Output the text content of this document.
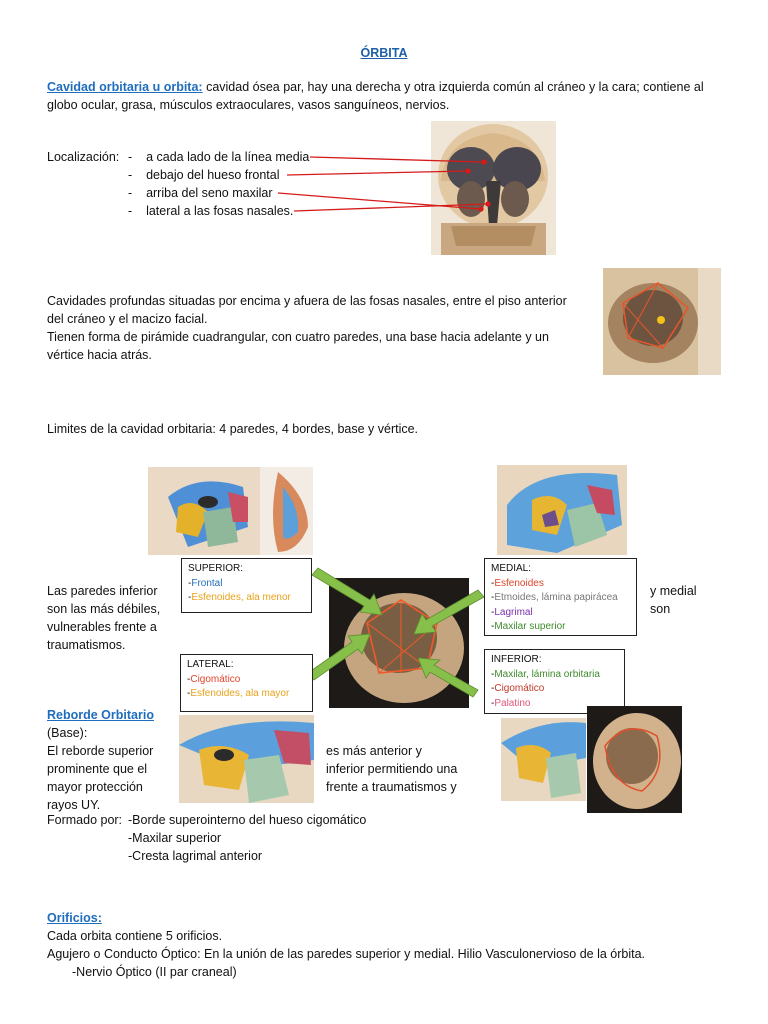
ÓRBITA
Cavidad orbitaria u orbita: cavidad ósea par, hay una derecha y otra izquierda común al cráneo y la cara; contiene al
globo ocular, grasa, músculos extraoculares, vasos sanguíneos, nervios.
Localización: -    a cada lado de la línea media
-    debajo del hueso frontal
-    arriba del seno maxilar
-    lateral a las fosas nasales.
Cavidades profundas situadas por encima y afuera de las fosas nasales, entre el piso anterior
del cráneo y el macizo facial.
Tienen forma de pirámide cuadrangular, con cuatro paredes, una base hacia adelante y un
vértice hacia atrás.
Limites de la cavidad orbitaria: 4 paredes, 4 bordes, base y vértice.
SUPERIOR:
-Frontal
-Esfenoides, ala menor
MEDIAL:
-Esfenoides
-Etmoides, lámina papirácea
-Lagrimal
-Maxilar superior
LATERAL:
-Cigomático
-Esfenoides, ala mayor
INFERIOR:
-Maxilar, lámina orbitaria
-Cigomático
-Palatino
Las paredes inferior
son las más débiles,
vulnerables frente a
traumatismos.
y medial
son
Reborde Orbitario
(Base):
El reborde superior
prominente que el
mayor protección
rayos UY.
es más anterior y
inferior permitiendo una
frente a traumatismos y
Formado por: -Borde superointerno del hueso cigomático
-Maxilar superior
-Cresta lagrimal anterior
Orificios:
Cada orbita contiene 5 orificios.
Agujero o Conducto Óptico: En la unión de las paredes superior y medial. Hilio Vasculonervioso de la órbita.
-Nervio Óptico (II par craneal)
